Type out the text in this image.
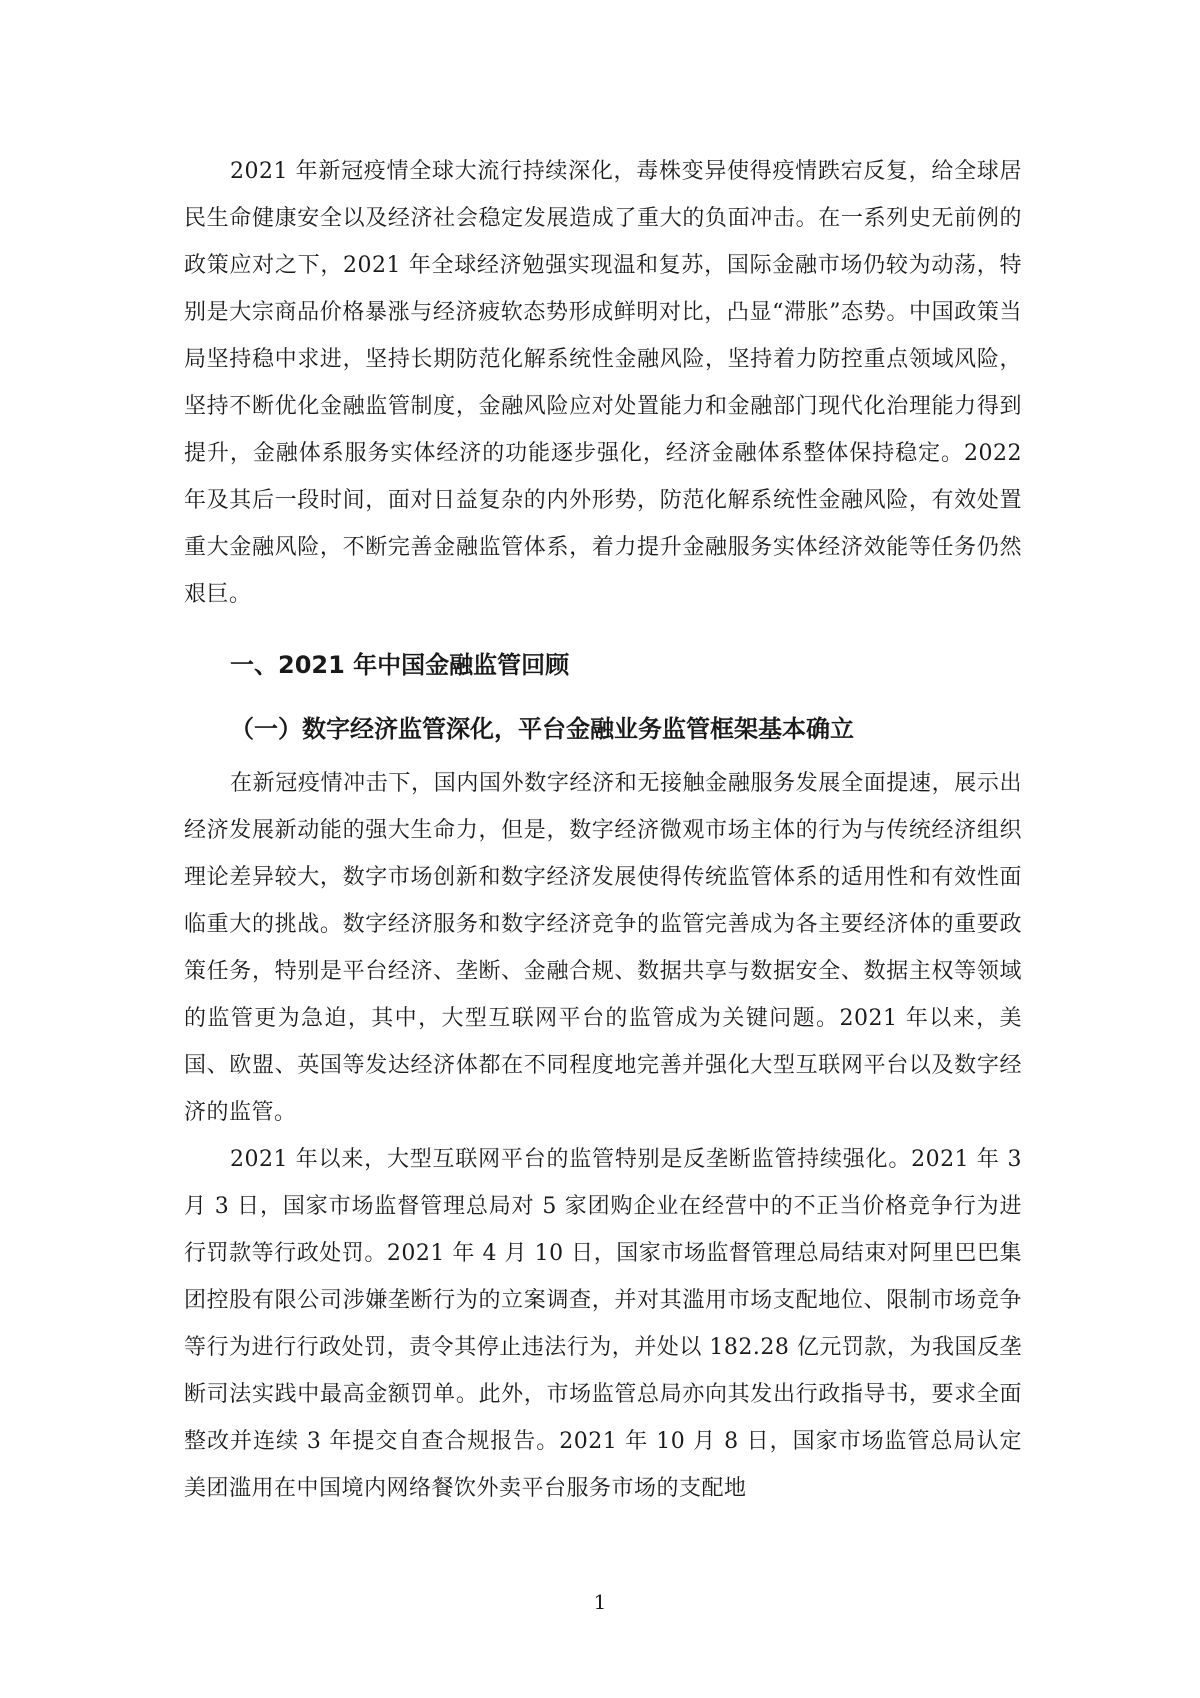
2021 年新冠疫情全球大流行持续深化，毒株变异使得疫情跌宕反复，给全球居民生命健康安全以及经济社会稳定发展造成了重大的负面冲击。在一系列史无前例的政策应对之下，2021 年全球经济勉强实现温和复苏，国际金融市场仍较为动荡，特别是大宗商品价格暴涨与经济疲软态势形成鲜明对比，凸显“滞胀”态势。中国政策当局坚持稳中求进，坚持长期防范化解系统性金融风险，坚持着力防控重点领域风险，坚持不断优化金融监管制度，金融风险应对处置能力和金融部门现代化治理能力得到提升，金融体系服务实体经济的功能逐步强化，经济金融体系整体保持稳定。2022 年及其后一段时间，面对日益复杂的内外形势，防范化解系统性金融风险，有效处置重大金融风险，不断完善金融监管体系，着力提升金融服务实体经济效能等任务仍然艰巨。

一、2021 年中国金融监管回顾
（一）数字经济监管深化，平台金融业务监管框架基本确立

在新冠疫情冲击下，国内国外数字经济和无接触金融服务发展全面提速，展示出经济发展新动能的强大生命力，但是，数字经济微观市场主体的行为与传统经济组织理论差异较大，数字市场创新和数字经济发展使得传统监管体系的适用性和有效性面临重大的挑战。数字经济服务和数字经济竞争的监管完善成为各主要经济体的重要政策任务，特别是平台经济、垄断、金融合规、数据共享与数据安全、数据主权等领域的监管更为急迫，其中，大型互联网平台的监管成为关键问题。2021 年以来，美国、欧盟、英国等发达经济体都在不同程度地完善并强化大型互联网平台以及数字经济的监管。

2021 年以来，大型互联网平台的监管特别是反垄断监管持续强化。2021 年 3 月 3 日，国家市场监督管理总局对 5 家团购企业在经营中的不正当价格竞争行为进行罚款等行政处罚。2021 年 4 月 10 日，国家市场监督管理总局结束对阿里巴巴集团控股有限公司涉嫌垄断行为的立案调查，并对其滥用市场支配地位、限制市场竞争等行为进行行政处罚，责令其停止违法行为，并处以 182.28 亿元罚款，为我国反垄断司法实践中最高金额罚单。此外，市场监管总局亦向其发出行政指导书，要求全面整改并连续 3 年提交自查合规报告。2021 年 10 月 8 日，国家市场监管总局认定美团滥用在中国境内网络餐饮外卖平台服务市场的支配地

1
